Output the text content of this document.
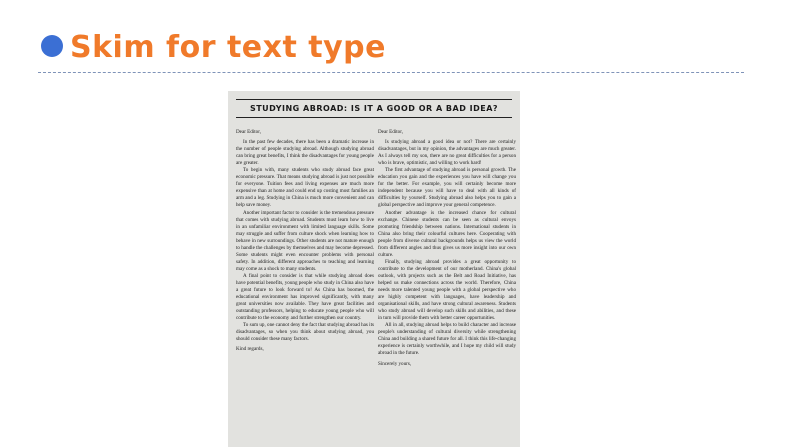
Skim for text type
STUDYING ABROAD: IS IT A GOOD OR A BAD IDEA?

Dear Editor,

In the past few decades, there has been a dramatic increase in the number of people studying abroad. Although studying abroad can bring great benefits, I think the disadvantages for young people are greater.

To begin with, many students who study abroad face great economic pressure. That means studying abroad is just not possible for everyone. Tuition fees and living expenses are much more expensive than at home and could end up costing most families an arm and a leg. Studying in China is much more convenient and can help save money.

Another important factor to consider is the tremendous pressure that comes with studying abroad. Students must learn how to live in an unfamiliar environment with limited language skills. Some may struggle and suffer from culture shock when learning how to behave in new surroundings. Other students are not mature enough to handle the challenges by themselves and may become depressed. Some students might even encounter problems with personal safety. In addition, different approaches to teaching and learning may come as a shock to many students.

A final point to consider is that while studying abroad does have potential benefits, young people who study in China also have a great future to look forward to! As China has boomed, the educational environment has improved significantly, with many great universities now available. They have great facilities and outstanding professors, helping to educate young people who will contribute to the economy and further strengthen our country.

To sum up, one cannot deny the fact that studying abroad has its disadvantages, so when you think about studying abroad, you should consider these many factors.

Kind regards,

Dear Editor,

Is studying abroad a good idea or not? There are certainly disadvantages, but in my opinion, the advantages are much greater. As I always tell my son, there are no great difficulties for a person who is brave, optimistic, and willing to work hard!

The first advantage of studying abroad is personal growth. The education you gain and the experiences you have will change you for the better. For example, you will certainly become more independent because you will have to deal with all kinds of difficulties by yourself. Studying abroad also helps you to gain a global perspective and improve your general competence.

Another advantage is the increased chance for cultural exchange. Chinese students can be seen as cultural envoys promoting friendship between nations. International students in China also bring their colourful cultures here. Cooperating with people from diverse cultural backgrounds helps us view the world from different angles and thus gives us more insight into our own culture.

Finally, studying abroad provides a great opportunity to contribute to the development of our motherland. China's global outlook, with projects such as the Belt and Road Initiative, has helped us make connections across the world. Therefore, China needs more talented young people with a global perspective who are highly competent with languages, have leadership and organisational skills, and have strong cultural awareness. Students who study abroad will develop such skills and abilities, and these in turn will provide them with better career opportunities.

All in all, studying abroad helps to build character and increase people's understanding of cultural diversity while strengthening China and building a shared future for all. I think this life-changing experience is certainly worthwhile, and I hope my child will study abroad in the future.

Sincerely yours,
